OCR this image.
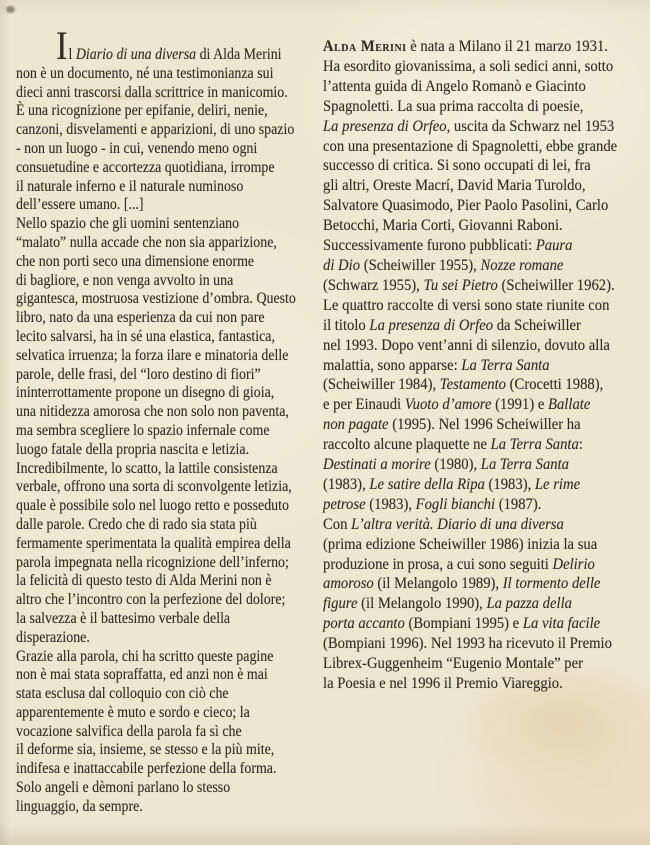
Il Diario di una diversa di Alda Merini
non è un documento, né una testimonianza sui
dieci anni trascorsi dalla scrittrice in manicomio.
È una ricognizione per epifanie, deliri, nenie,
canzoni, disvelamenti e apparizioni, di uno spazio
- non un luogo - in cui, venendo meno ogni
consuetudine e accortezza quotidiana, irrompe
il naturale inferno e il naturale numinoso
dell’essere umano. [...]
Nello spazio che gli uomini sentenziano
“malato” nulla accade che non sia apparizione,
che non porti seco una dimensione enorme
di bagliore, e non venga avvolto in una
gigantesca, mostruosa vestizione d’ombra. Questo
libro, nato da una esperienza da cui non pare
lecito salvarsi, ha in sé una elastica, fantastica,
selvatica irruenza; la forza ilare e minatoria delle
parole, delle frasi, del “loro destino di fiori”
ininterrottamente propone un disegno di gioia,
una nitidezza amorosa che non solo non paventa,
ma sembra scegliere lo spazio infernale come
luogo fatale della propria nascita e letizia.
Incredibilmente, lo scatto, la lattile consistenza
verbale, offrono una sorta di sconvolgente letizia,
quale è possibile solo nel luogo retto e posseduto
dalle parole. Credo che di rado sia stata più
fermamente sperimentata la qualità empirea della
parola impegnata nella ricognizione dell’inferno;
la felicità di questo testo di Alda Merini non è
altro che l’incontro con la perfezione del dolore;
la salvezza è il battesimo verbale della
disperazione.
Grazie alla parola, chi ha scritto queste pagine
non è mai stata sopraffatta, ed anzi non è mai
stata esclusa dal colloquio con ciò che
apparentemente è muto e sordo e cieco; la
vocazione salvifica della parola fa sì che
il deforme sia, insieme, se stesso e la più mite,
indifesa e inattaccabile perfezione della forma.
Solo angeli e dèmoni parlano lo stesso
linguaggio, da sempre.
Alda Merini è nata a Milano il 21 marzo 1931.
Ha esordito giovanissima, a soli sedici anni, sotto
l’attenta guida di Angelo Romanò e Giacinto
Spagnoletti. La sua prima raccolta di poesie,
La presenza di Orfeo, uscita da Schwarz nel 1953
con una presentazione di Spagnoletti, ebbe grande
successo di critica. Si sono occupati di lei, fra
gli altri, Oreste Macrí, David Maria Turoldo,
Salvatore Quasimodo, Pier Paolo Pasolini, Carlo
Betocchi, Maria Corti, Giovanni Raboni.
Successivamente furono pubblicati: Paura
di Dio (Scheiwiller 1955), Nozze romane
(Schwarz 1955), Tu sei Pietro (Scheiwiller 1962).
Le quattro raccolte di versi sono state riunite con
il titolo La presenza di Orfeo da Scheiwiller
nel 1993. Dopo vent’anni di silenzio, dovuto alla
malattia, sono apparse: La Terra Santa
(Scheiwiller 1984), Testamento (Crocetti 1988),
e per Einaudi Vuoto d’amore (1991) e Ballate
non pagate (1995). Nel 1996 Scheiwiller ha
raccolto alcune plaquette ne La Terra Santa:
Destinati a morire (1980), La Terra Santa
(1983), Le satire della Ripa (1983), Le rime
petrose (1983), Fogli bianchi (1987).
Con L’altra verità. Diario di una diversa
(prima edizione Scheiwiller 1986) inizia la sua
produzione in prosa, a cui sono seguiti Delirio
amoroso (il Melangolo 1989), Il tormento delle
figure (il Melangolo 1990), La pazza della
porta accanto (Bompiani 1995) e La vita facile
(Bompiani 1996). Nel 1993 ha ricevuto il Premio
Librex-Guggenheim “Eugenio Montale” per
la Poesia e nel 1996 il Premio Viareggio.
